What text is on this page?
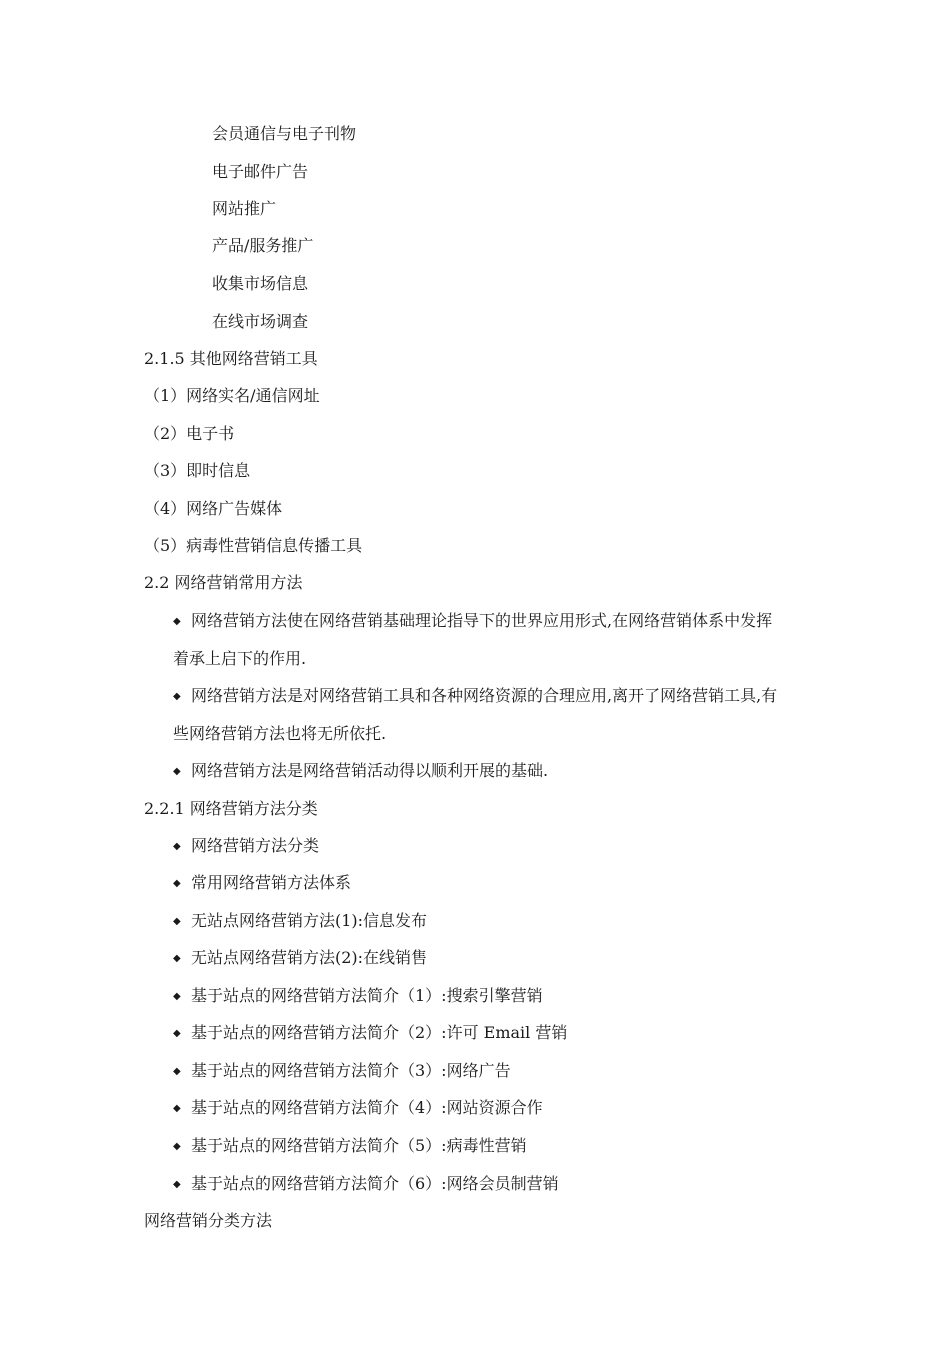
会员通信与电子刊物
电子邮件广告
网站推广
产品/服务推广
收集市场信息
在线市场调查
2.1.5 其他网络营销工具
（1）网络实名/通信网址
（2）电子书
（3）即时信息
（4）网络广告媒体
（5）病毒性营销信息传播工具
2.2 网络营销常用方法
◆ 网络营销方法使在网络营销基础理论指导下的世界应用形式,在网络营销体系中发挥
着承上启下的作用.
◆ 网络营销方法是对网络营销工具和各种网络资源的合理应用,离开了网络营销工具,有
些网络营销方法也将无所依托.
◆ 网络营销方法是网络营销活动得以顺利开展的基础.
2.2.1 网络营销方法分类
◆ 网络营销方法分类
◆ 常用网络营销方法体系
◆ 无站点网络营销方法(1):信息发布
◆ 无站点网络营销方法(2):在线销售
◆ 基于站点的网络营销方法简介（1）:搜索引擎营销
◆ 基于站点的网络营销方法简介（2）:许可 Email 营销
◆ 基于站点的网络营销方法简介（3）:网络广告
◆ 基于站点的网络营销方法简介（4）:网站资源合作
◆ 基于站点的网络营销方法简介（5）:病毒性营销
◆ 基于站点的网络营销方法简介（6）:网络会员制营销
网络营销分类方法
